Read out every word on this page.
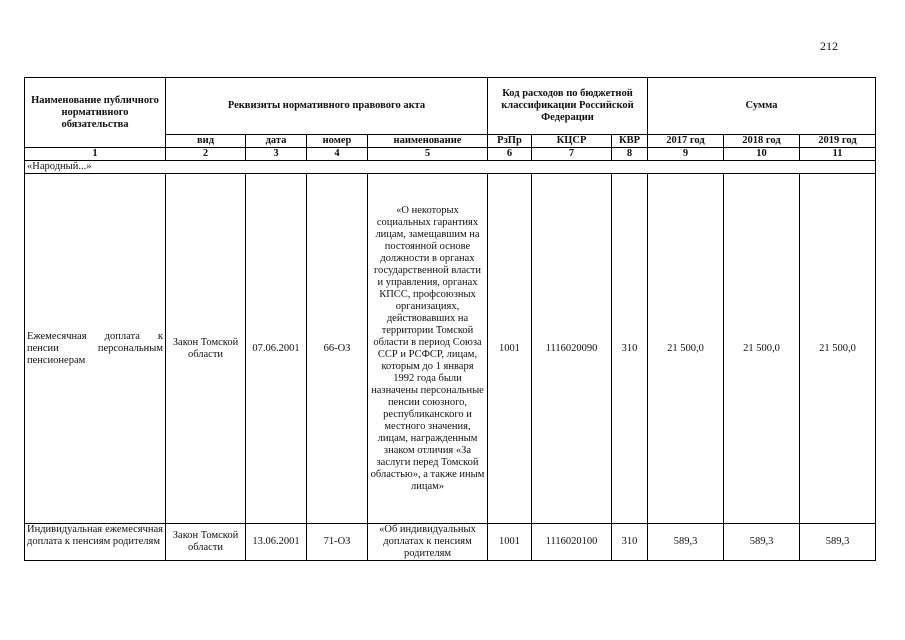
212
Наименование публичного нормативного обязательства	Реквизиты нормативного правового акта				Код расходов по бюджетной классификации Российской Федерации			Сумма		
	вид	дата	номер	наименование	РзПр	КЦСР	КВР	2017 год	2018 год	2019 год
1	2	3	4	5	6	7	8	9	10	11
«Народный...»										
Ежемесячная доплата к пенсии персональным пенсионерам	Закон Томской области	07.06.2001	66-ОЗ	«О некоторых социальных гарантиях лицам, замещавшим на постоянной основе должности в органах государственной власти и управления, органах КПСС, профсоюзных организациях, действовавших на территории Томской области в период Союза ССР и РСФСР, лицам, которым до 1 января 1992 года были назначены персональные пенсии союзного, республиканского и местного значения, лицам, награжденным знаком отличия «За заслуги перед Томской областью», а также иным лицам»	1001	1116020090	310	21 500,0	21 500,0	21 500,0
Индивидуальная ежемесячная доплата к пенсиям родителям	Закон Томской области	13.06.2001	71-ОЗ	«Об индивидуальных доплатах к пенсиям родителям	1001	1116020100	310	589,3	589,3	589,3
